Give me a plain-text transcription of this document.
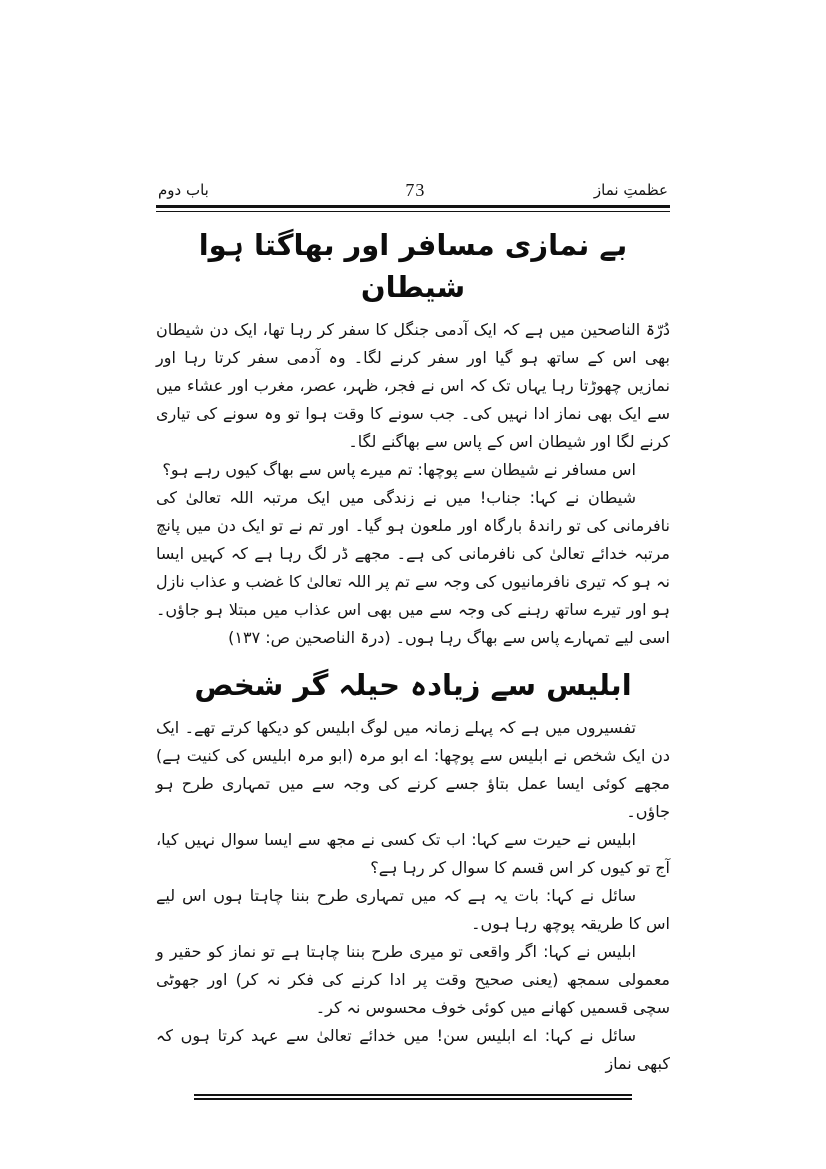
عظمتِ نماز
73
باب دوم
بے نمازی مسافر اور بھاگتا ہوا شیطان

دُرّۃ الناصحین میں ہے کہ ایک آدمی جنگل کا سفر کر رہا تھا، ایک دن شیطان بھی اس کے ساتھ ہو گیا اور سفر کرنے لگا۔ وہ آدمی سفر کرتا رہا اور نمازیں چھوڑتا رہا یہاں تک کہ اس نے فجر، ظہر، عصر، مغرب اور عشاء میں سے ایک بھی نماز ادا نہیں کی۔ جب سونے کا وقت ہوا تو وہ سونے کی تیاری کرنے لگا اور شیطان اس کے پاس سے بھاگنے لگا۔

اس مسافر نے شیطان سے پوچھا: تم میرے پاس سے بھاگ کیوں رہے ہو؟

شیطان نے کہا: جناب! میں نے زندگی میں ایک مرتبہ اللہ تعالیٰ کی نافرمانی کی تو راندۂ بارگاہ اور ملعون ہو گیا۔ اور تم نے تو ایک دن میں پانچ مرتبہ خدائے تعالیٰ کی نافرمانی کی ہے۔ مجھے ڈر لگ رہا ہے کہ کہیں ایسا نہ ہو کہ تیری نافرمانیوں کی وجہ سے تم پر اللہ تعالیٰ کا غضب و عذاب نازل ہو اور تیرے ساتھ رہنے کی وجہ سے میں بھی اس عذاب میں مبتلا ہو جاؤں۔ اسی لیے تمہارے پاس سے بھاگ رہا ہوں۔ (درۃ الناصحین ص: ۱۳۷)

ابلیس سے زیادہ حیلہ گر شخص

تفسیروں میں ہے کہ پہلے زمانہ میں لوگ ابلیس کو دیکھا کرتے تھے۔ ایک دن ایک شخص نے ابلیس سے پوچھا: اے ابو مرہ (ابو مرہ ابلیس کی کنیت ہے) مجھے کوئی ایسا عمل بتاؤ جسے کرنے کی وجہ سے میں تمہاری طرح ہو جاؤں۔

ابلیس نے حیرت سے کہا: اب تک کسی نے مجھ سے ایسا سوال نہیں کیا، آج تو کیوں کر اس قسم کا سوال کر رہا ہے؟

سائل نے کہا: بات یہ ہے کہ میں تمہاری طرح بننا چاہتا ہوں اس لیے اس کا طریقہ پوچھ رہا ہوں۔

ابلیس نے کہا: اگر واقعی تو میری طرح بننا چاہتا ہے تو نماز کو حقیر و معمولی سمجھ (یعنی صحیح وقت پر ادا کرنے کی فکر نہ کر) اور جھوٹی سچی قسمیں کھانے میں کوئی خوف محسوس نہ کر۔

سائل نے کہا: اے ابلیس سن! میں خدائے تعالیٰ سے عہد کرتا ہوں کہ کبھی نماز
